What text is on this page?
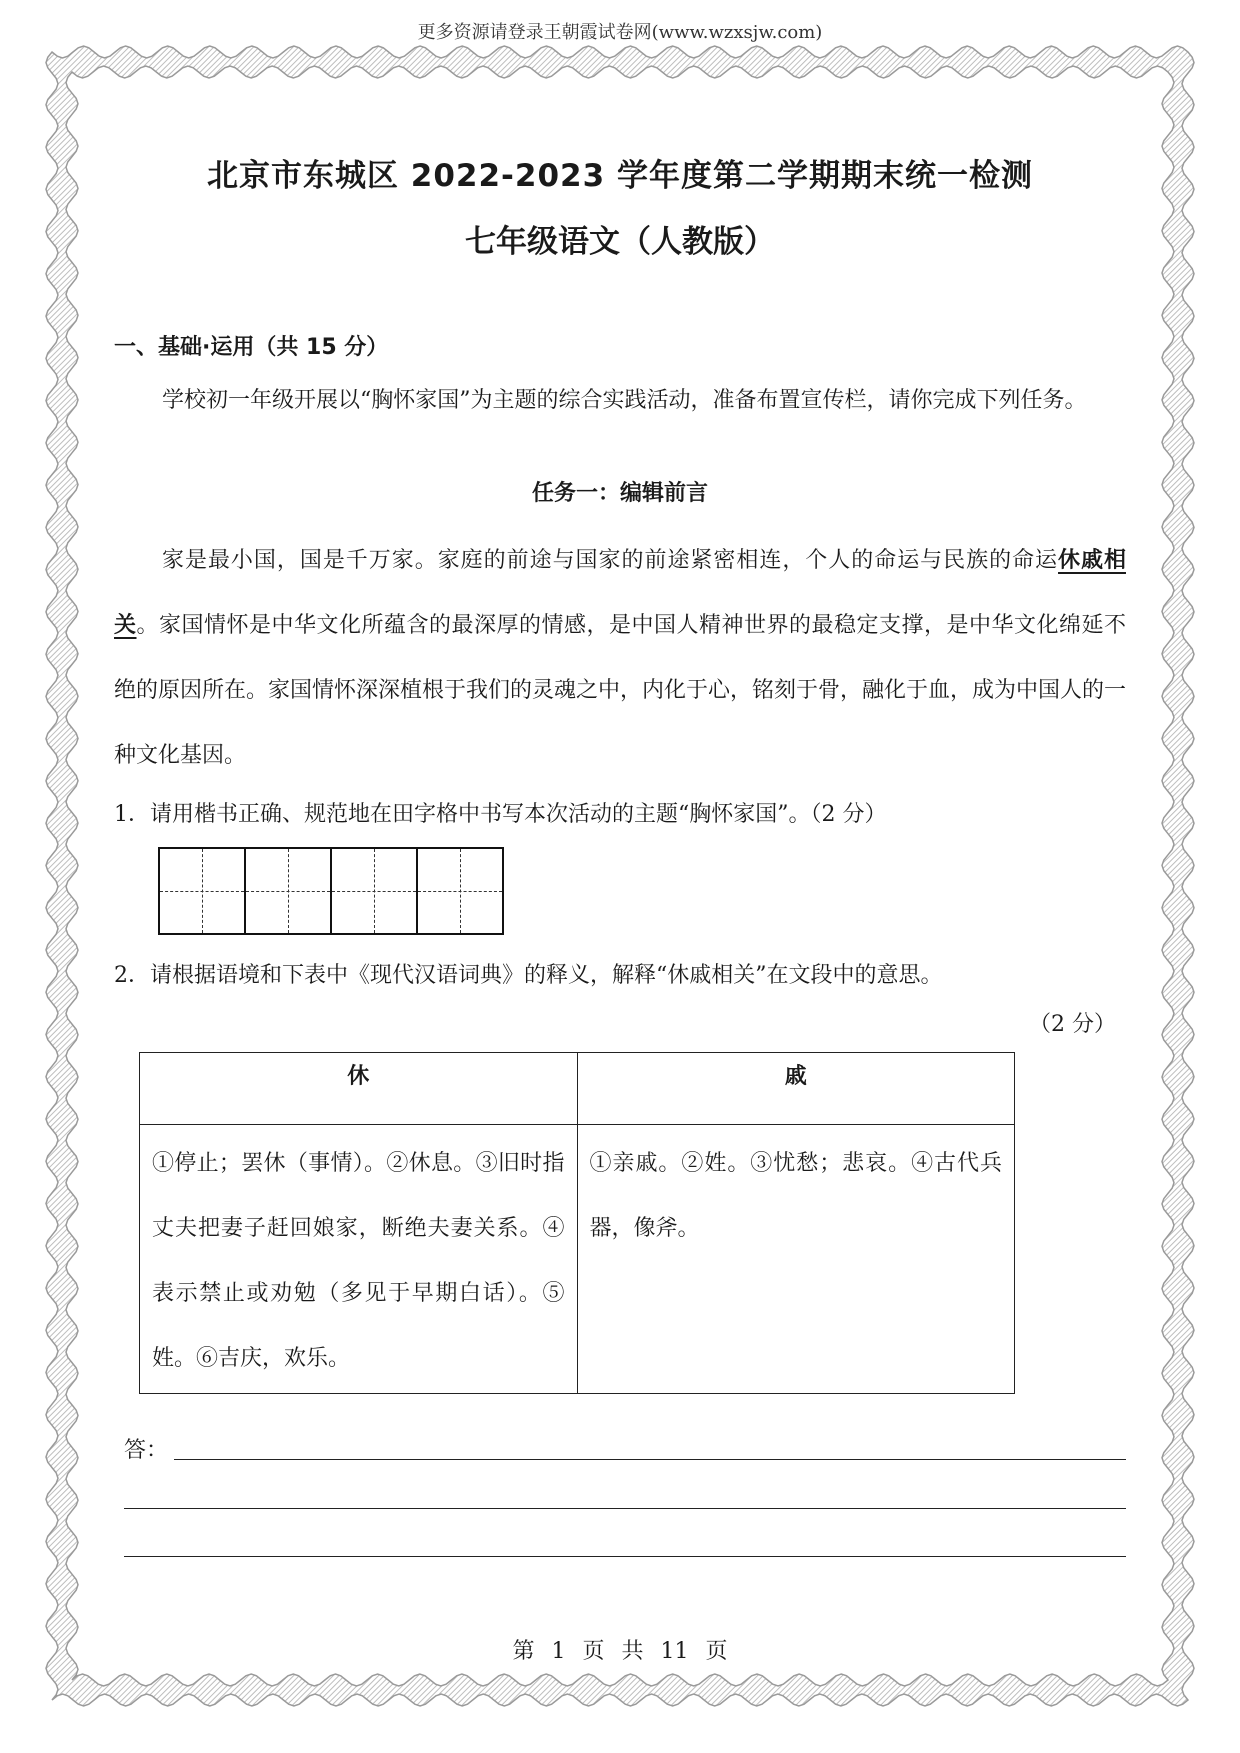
更多资源请登录王朝霞试卷网(www.wzxsjw.com)
北京市东城区 2022-2023 学年度第二学期期末统一检测
七年级语文（人教版）
一、基础·运用（共 15 分）
学校初一年级开展以“胸怀家国”为主题的综合实践活动，准备布置宣传栏，请你完成下列任务。
任务一：编辑前言
家是最小国，国是千万家。家庭的前途与国家的前途紧密相连，个人的命运与民族的命运休戚相关。家国情怀是中华文化所蕴含的最深厚的情感，是中国人精神世界的最稳定支撑，是中华文化绵延不绝的原因所在。家国情怀深深植根于我们的灵魂之中，内化于心，铭刻于骨，融化于血，成为中国人的一种文化基因。
1．请用楷书正确、规范地在田字格中书写本次活动的主题“胸怀家国”。（2 分）
2．请根据语境和下表中《现代汉语词典》的释义，解释“休戚相关”在文段中的意思。
（2 分）
休	戚
①停止；罢休（事情）。②休息。③旧时指丈夫把妻子赶回娘家，断绝夫妻关系。④表示禁止或劝勉（多见于早期白话）。⑤姓。⑥吉庆，欢乐。	①亲戚。②姓。③忧愁；悲哀。④古代兵器，像斧。
答：
第 1 页 共 11 页
